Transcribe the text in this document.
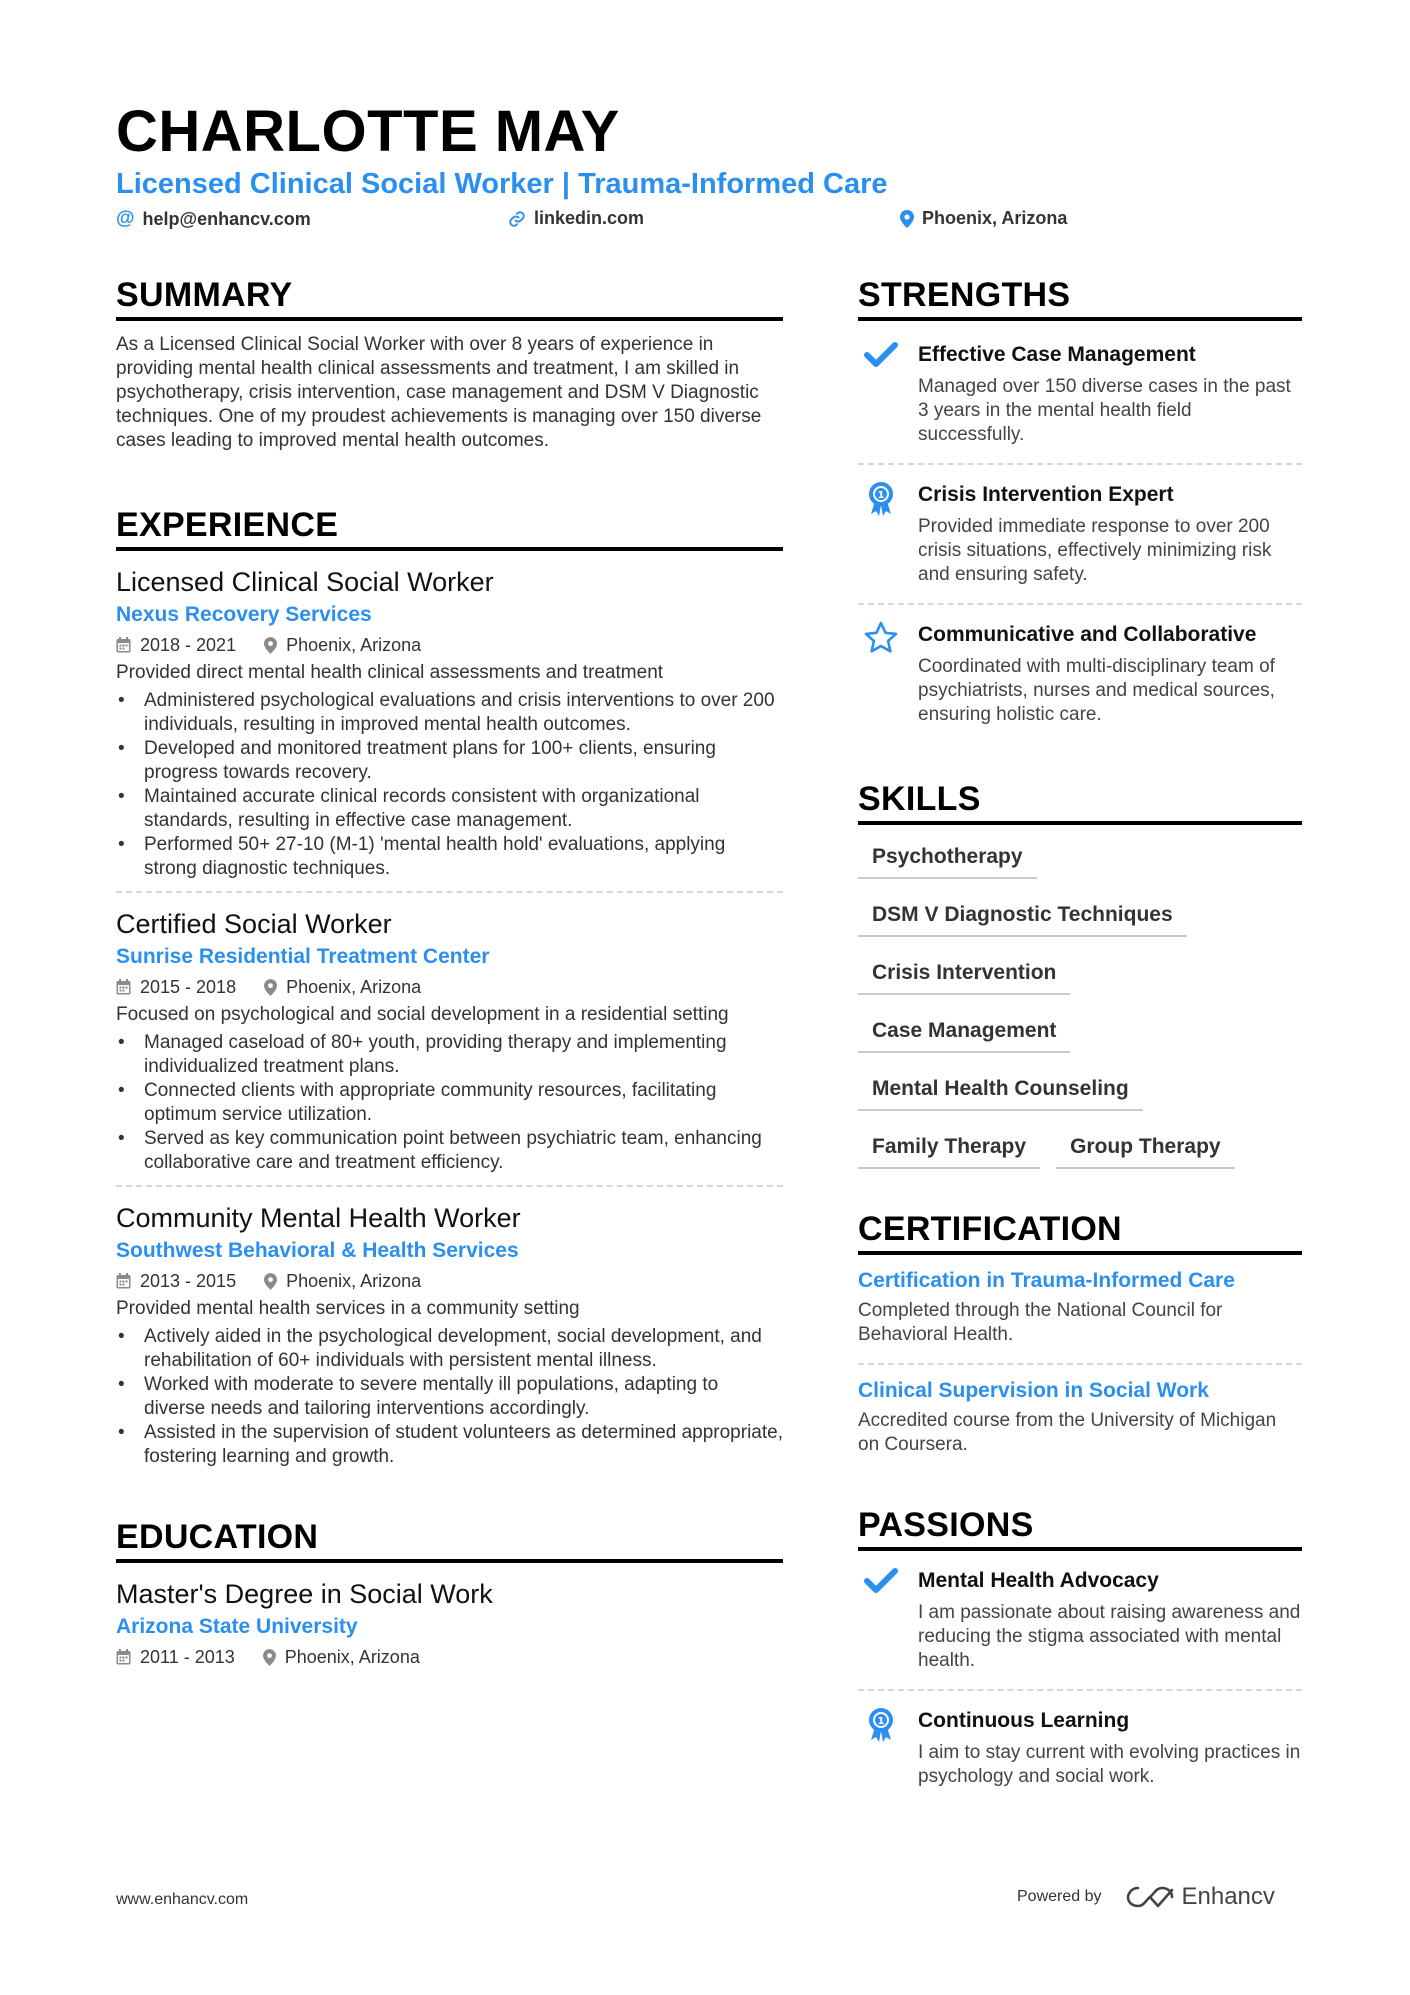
CHARLOTTE MAY
Licensed Clinical Social Worker | Trauma-Informed Care
@ help@enhancv.com	linkedin.com	Phoenix, Arizona
SUMMARY

As a Licensed Clinical Social Worker with over 8 years of experience in providing mental health clinical assessments and treatment, I am skilled in psychotherapy, crisis intervention, case management and DSM V Diagnostic techniques. One of my proudest achievements is managing over 150 diverse cases leading to improved mental health outcomes.

EXPERIENCE
Licensed Clinical Social Worker
Nexus Recovery Services
2018 - 2021	Phoenix, Arizona
Provided direct mental health clinical assessments and treatment
• Administered psychological evaluations and crisis interventions to over 200 individuals, resulting in improved mental health outcomes.
• Developed and monitored treatment plans for 100+ clients, ensuring progress towards recovery.
• Maintained accurate clinical records consistent with organizational standards, resulting in effective case management.
• Performed 50+ 27-10 (M-1) 'mental health hold' evaluations, applying strong diagnostic techniques.
Certified Social Worker
Sunrise Residential Treatment Center
2015 - 2018	Phoenix, Arizona
Focused on psychological and social development in a residential setting
• Managed caseload of 80+ youth, providing therapy and implementing individualized treatment plans.
• Connected clients with appropriate community resources, facilitating optimum service utilization.
• Served as key communication point between psychiatric team, enhancing collaborative care and treatment efficiency.
Community Mental Health Worker
Southwest Behavioral & Health Services
2013 - 2015	Phoenix, Arizona
Provided mental health services in a community setting
• Actively aided in the psychological development, social development, and rehabilitation of 60+ individuals with persistent mental illness.
• Worked with moderate to severe mentally ill populations, adapting to diverse needs and tailoring interventions accordingly.
• Assisted in the supervision of student volunteers as determined appropriate, fostering learning and growth.
EDUCATION
Master's Degree in Social Work
Arizona State University
2011 - 2013	Phoenix, Arizona
STRENGTHS
Effective Case Management
Managed over 150 diverse cases in the past 3 years in the mental health field successfully.
1 Crisis Intervention Expert
Provided immediate response to over 200 crisis situations, effectively minimizing risk and ensuring safety.
Communicative and Collaborative
Coordinated with multi-disciplinary team of psychiatrists, nurses and medical sources, ensuring holistic care.
SKILLS
Psychotherapy
DSM V Diagnostic Techniques
Crisis Intervention
Case Management
Mental Health Counseling
Family Therapy	Group Therapy
CERTIFICATION
Certification in Trauma-Informed Care
Completed through the National Council for Behavioral Health.
Clinical Supervision in Social Work
Accredited course from the University of Michigan on Coursera.
PASSIONS
Mental Health Advocacy
I am passionate about raising awareness and reducing the stigma associated with mental health.
1 Continuous Learning
I aim to stay current with evolving practices in psychology and social work.
www.enhancv.com	Powered by	Enhancv
